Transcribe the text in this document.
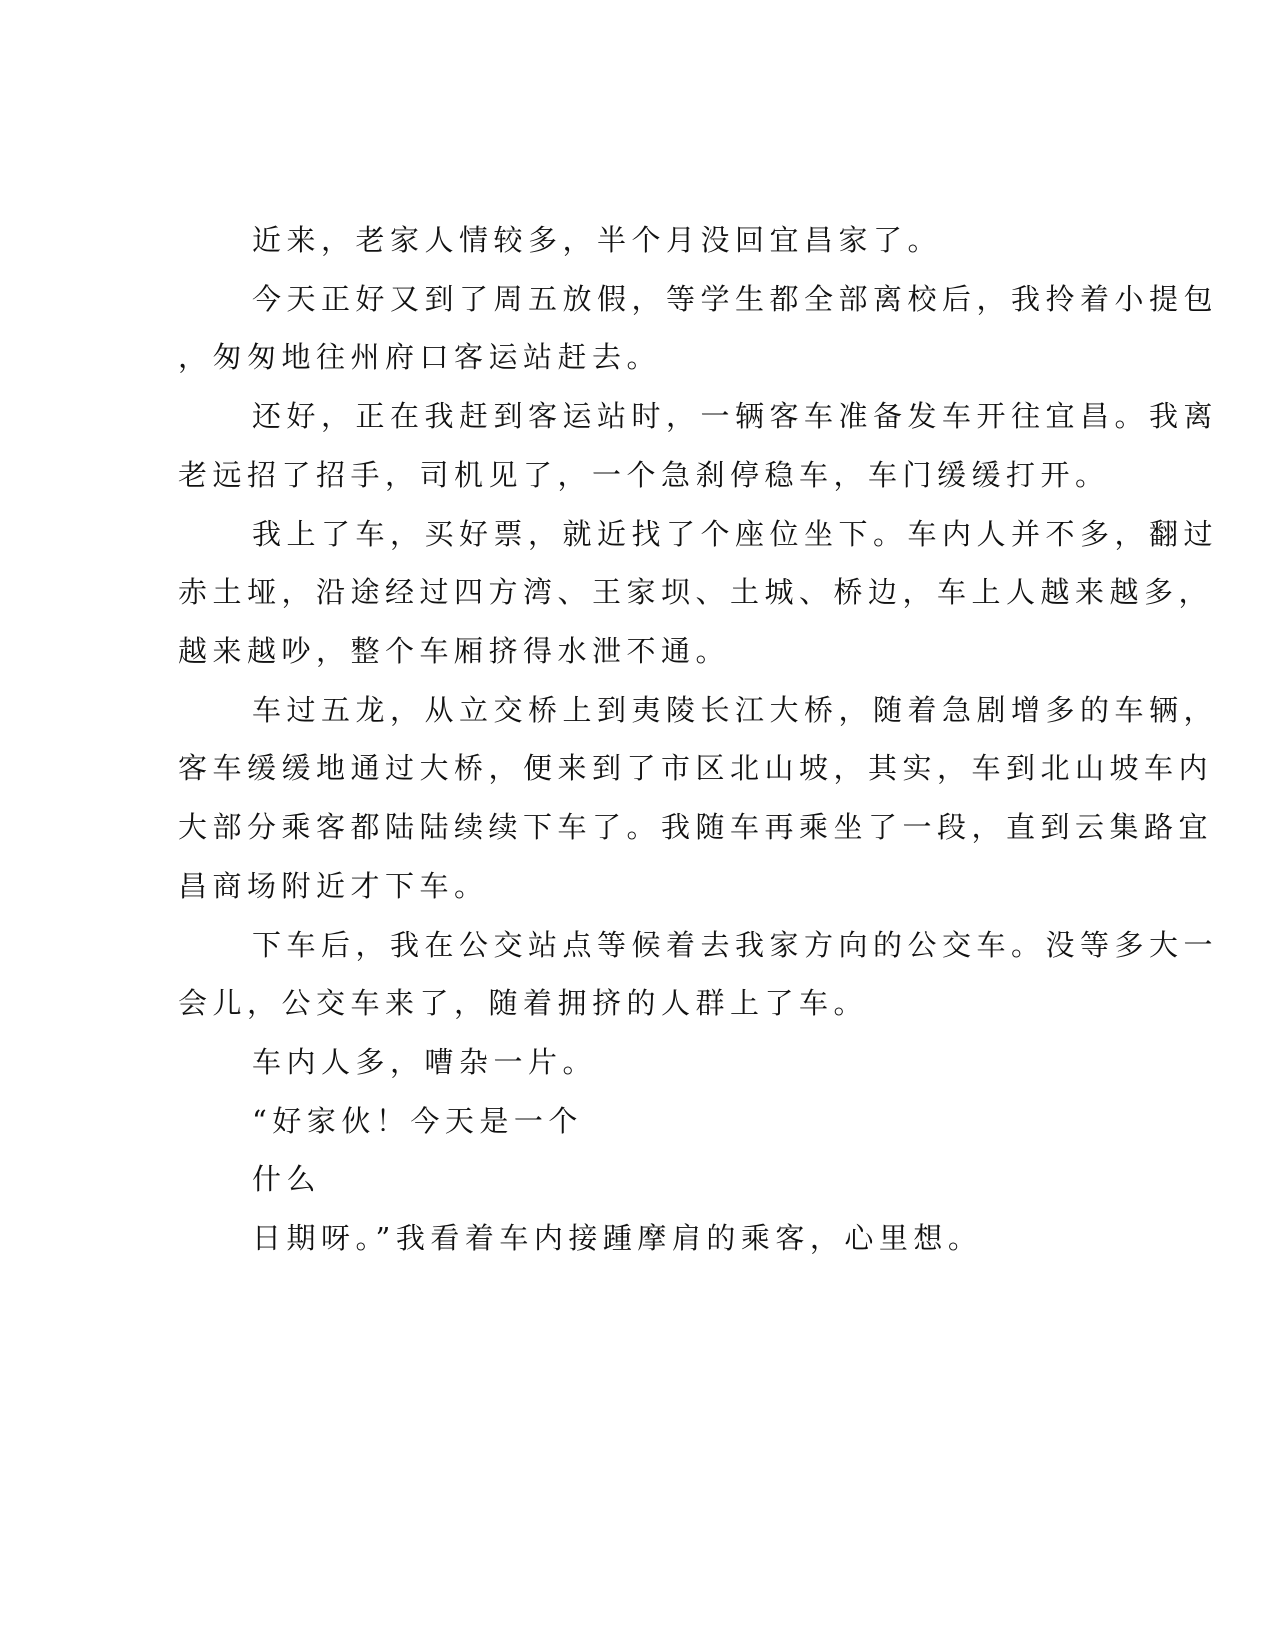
近来，老家人情较多，半个月没回宜昌家了。
今天正好又到了周五放假，等学生都全部离校后，我拎着小提包
，匆匆地往州府口客运站赶去。
还好，正在我赶到客运站时，一辆客车准备发车开往宜昌。我离
老远招了招手，司机见了，一个急刹停稳车，车门缓缓打开。
我上了车，买好票，就近找了个座位坐下。车内人并不多，翻过
赤土垭，沿途经过四方湾、王家坝、土城、桥边，车上人越来越多，
越来越吵，整个车厢挤得水泄不通。
车过五龙，从立交桥上到夷陵长江大桥，随着急剧增多的车辆，
客车缓缓地通过大桥，便来到了市区北山坡，其实，车到北山坡车内
大部分乘客都陆陆续续下车了。我随车再乘坐了一段，直到云集路宜
昌商场附近才下车。
下车后，我在公交站点等候着去我家方向的公交车。没等多大一
会儿，公交车来了，随着拥挤的人群上了车。
车内人多，嘈杂一片。
“好家伙！今天是一个
什么
日期呀。”我看着车内接踵摩肩的乘客，心里想。
